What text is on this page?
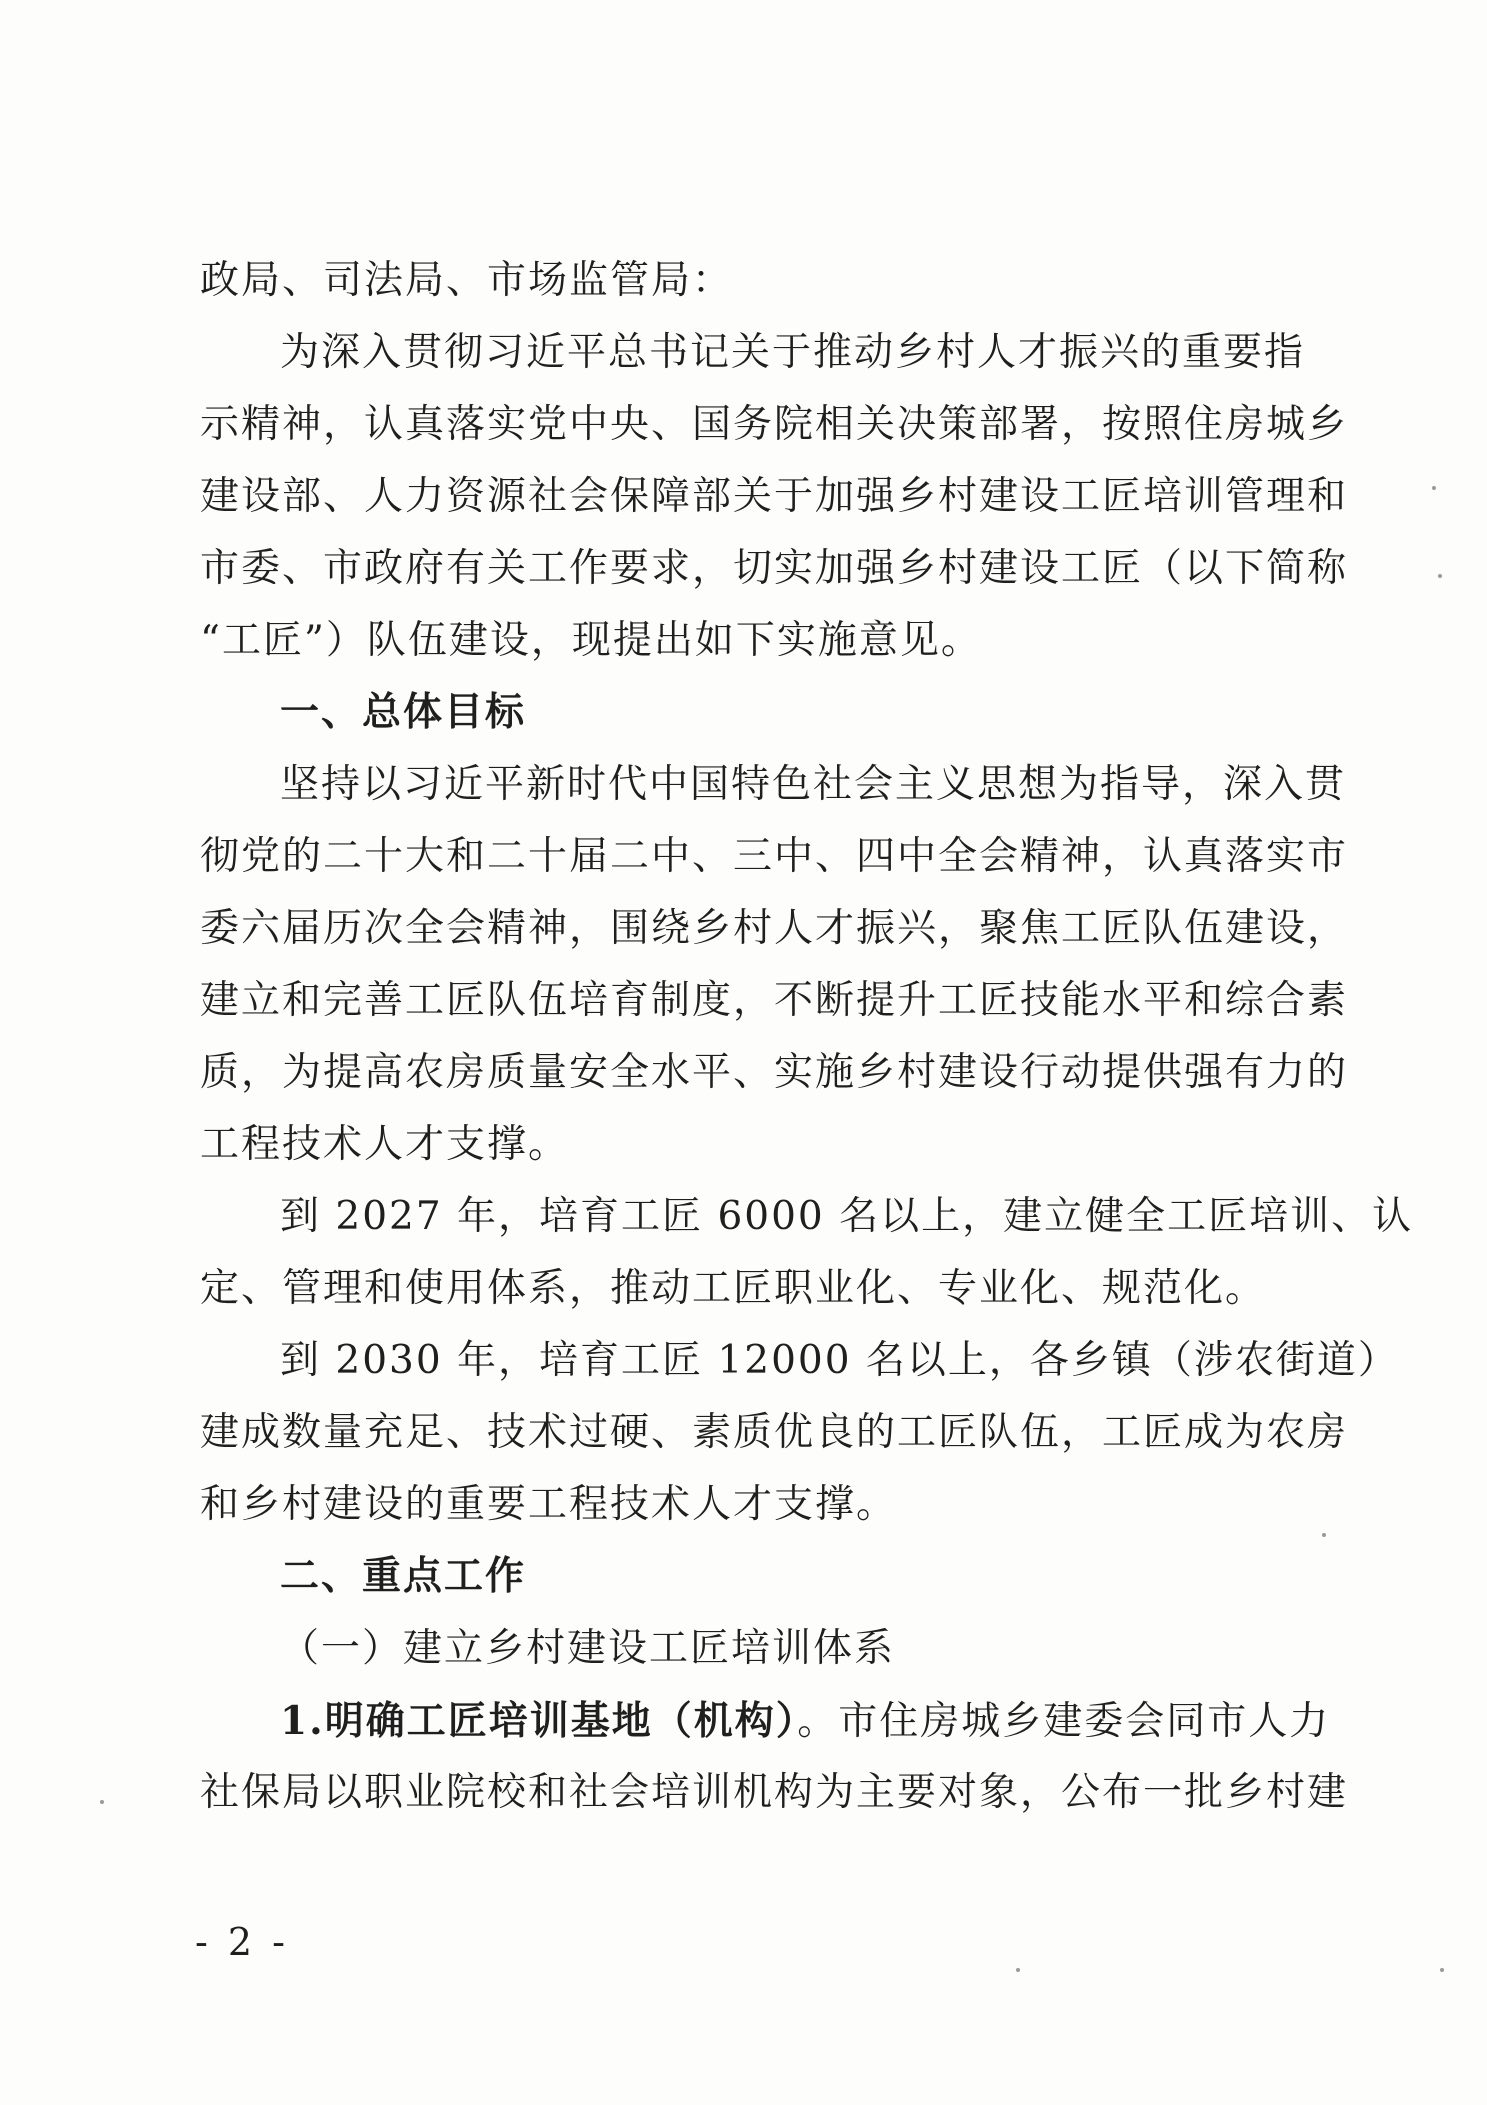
政局、司法局、市场监管局：
为深入贯彻习近平总书记关于推动乡村人才振兴的重要指
示精神，认真落实党中央、国务院相关决策部署，按照住房城乡
建设部、人力资源社会保障部关于加强乡村建设工匠培训管理和
市委、市政府有关工作要求，切实加强乡村建设工匠（以下简称
“工匠”）队伍建设，现提出如下实施意见。
一、总体目标
坚持以习近平新时代中国特色社会主义思想为指导，深入贯
彻党的二十大和二十届二中、三中、四中全会精神，认真落实市
委六届历次全会精神，围绕乡村人才振兴，聚焦工匠队伍建设，
建立和完善工匠队伍培育制度，不断提升工匠技能水平和综合素
质，为提高农房质量安全水平、实施乡村建设行动提供强有力的
工程技术人才支撑。
到 2027 年，培育工匠 6000 名以上，建立健全工匠培训、认
定、管理和使用体系，推动工匠职业化、专业化、规范化。
到 2030 年，培育工匠 12000 名以上，各乡镇（涉农街道）
建成数量充足、技术过硬、素质优良的工匠队伍，工匠成为农房
和乡村建设的重要工程技术人才支撑。
二、重点工作
（一）建立乡村建设工匠培训体系
1.明确工匠培训基地（机构）。市住房城乡建委会同市人力
社保局以职业院校和社会培训机构为主要对象，公布一批乡村建
- 2 -
